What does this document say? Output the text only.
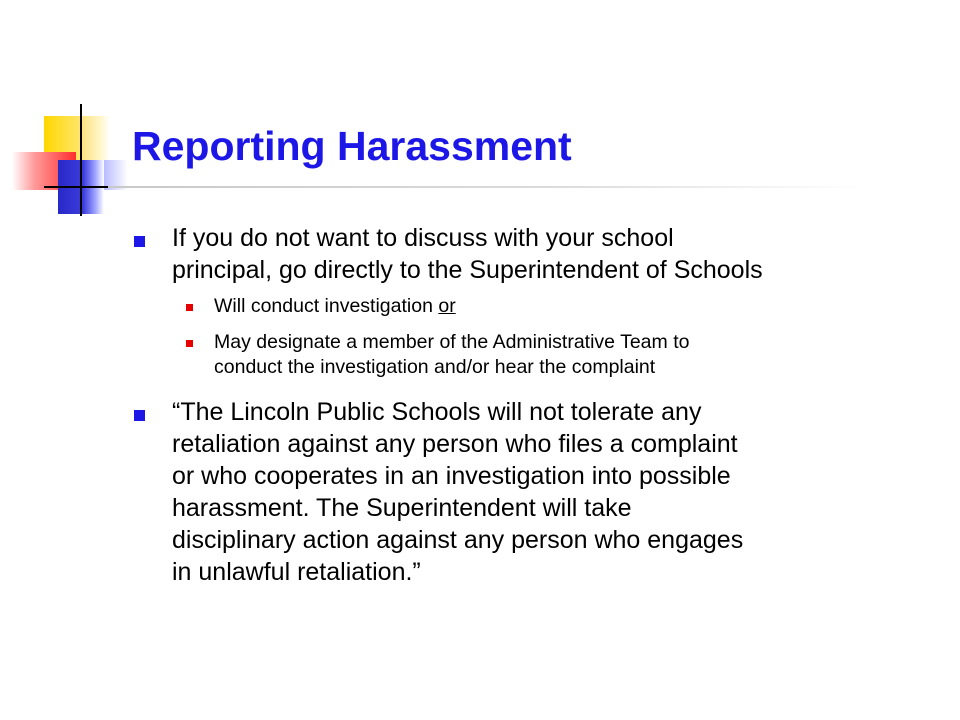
Reporting Harassment
If you do not want to discuss with your school
principal, go directly to the Superintendent of Schools
Will conduct investigation or
May designate a member of the Administrative Team to
conduct the investigation and/or hear the complaint
“The Lincoln Public Schools will not tolerate any
retaliation against any person who files a complaint
or who cooperates in an investigation into possible
harassment. The Superintendent will take
disciplinary action against any person who engages
in unlawful retaliation.”
